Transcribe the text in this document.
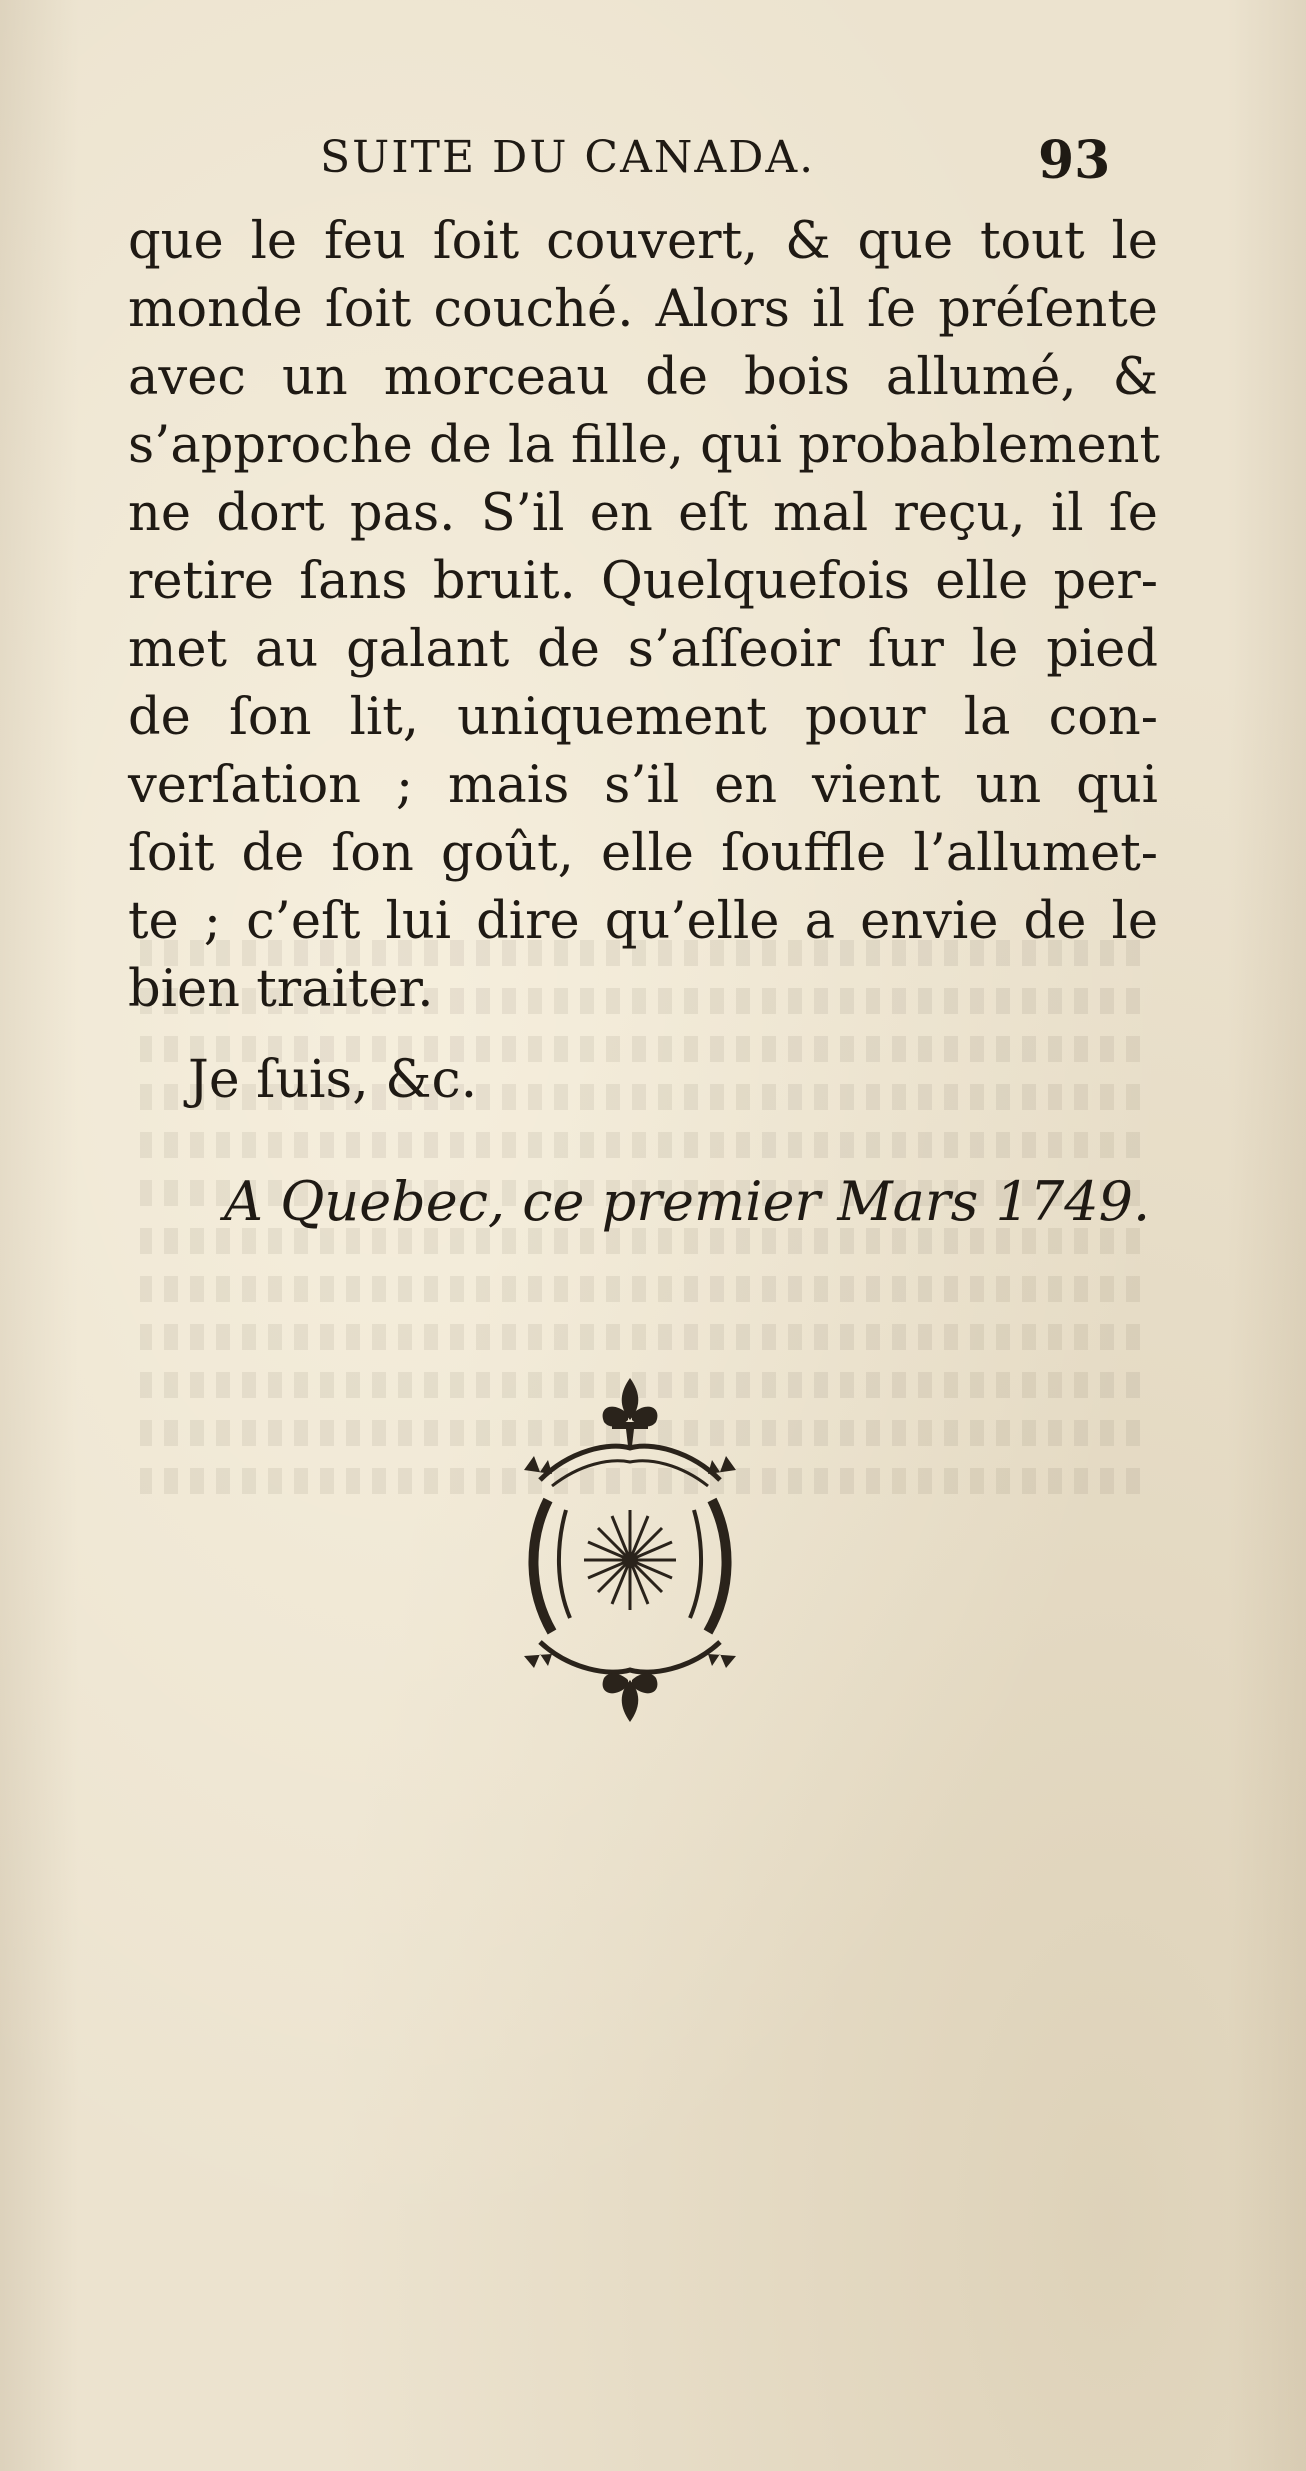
SUITE DU CANADA.	93
que le feu ſoit couvert, & que tout le
monde ſoit couché. Alors il ſe préſente
avec un morceau de bois allumé, &
s’approche de la fille, qui probablement
ne dort pas. S’il en eſt mal reçu, il ſe
retire ſans bruit. Quelquefois elle per-
met au galant de s’aſſeoir ſur le pied
de ſon lit, uniquement pour la con-
verſation ; mais s’il en vient un qui
ſoit de ſon goût, elle ſouffle l’allumet-
te ; c’eſt lui dire qu’elle a envie de le
bien traiter.
Je ſuis, &c.
A Quebec, ce premier Mars 1749.
